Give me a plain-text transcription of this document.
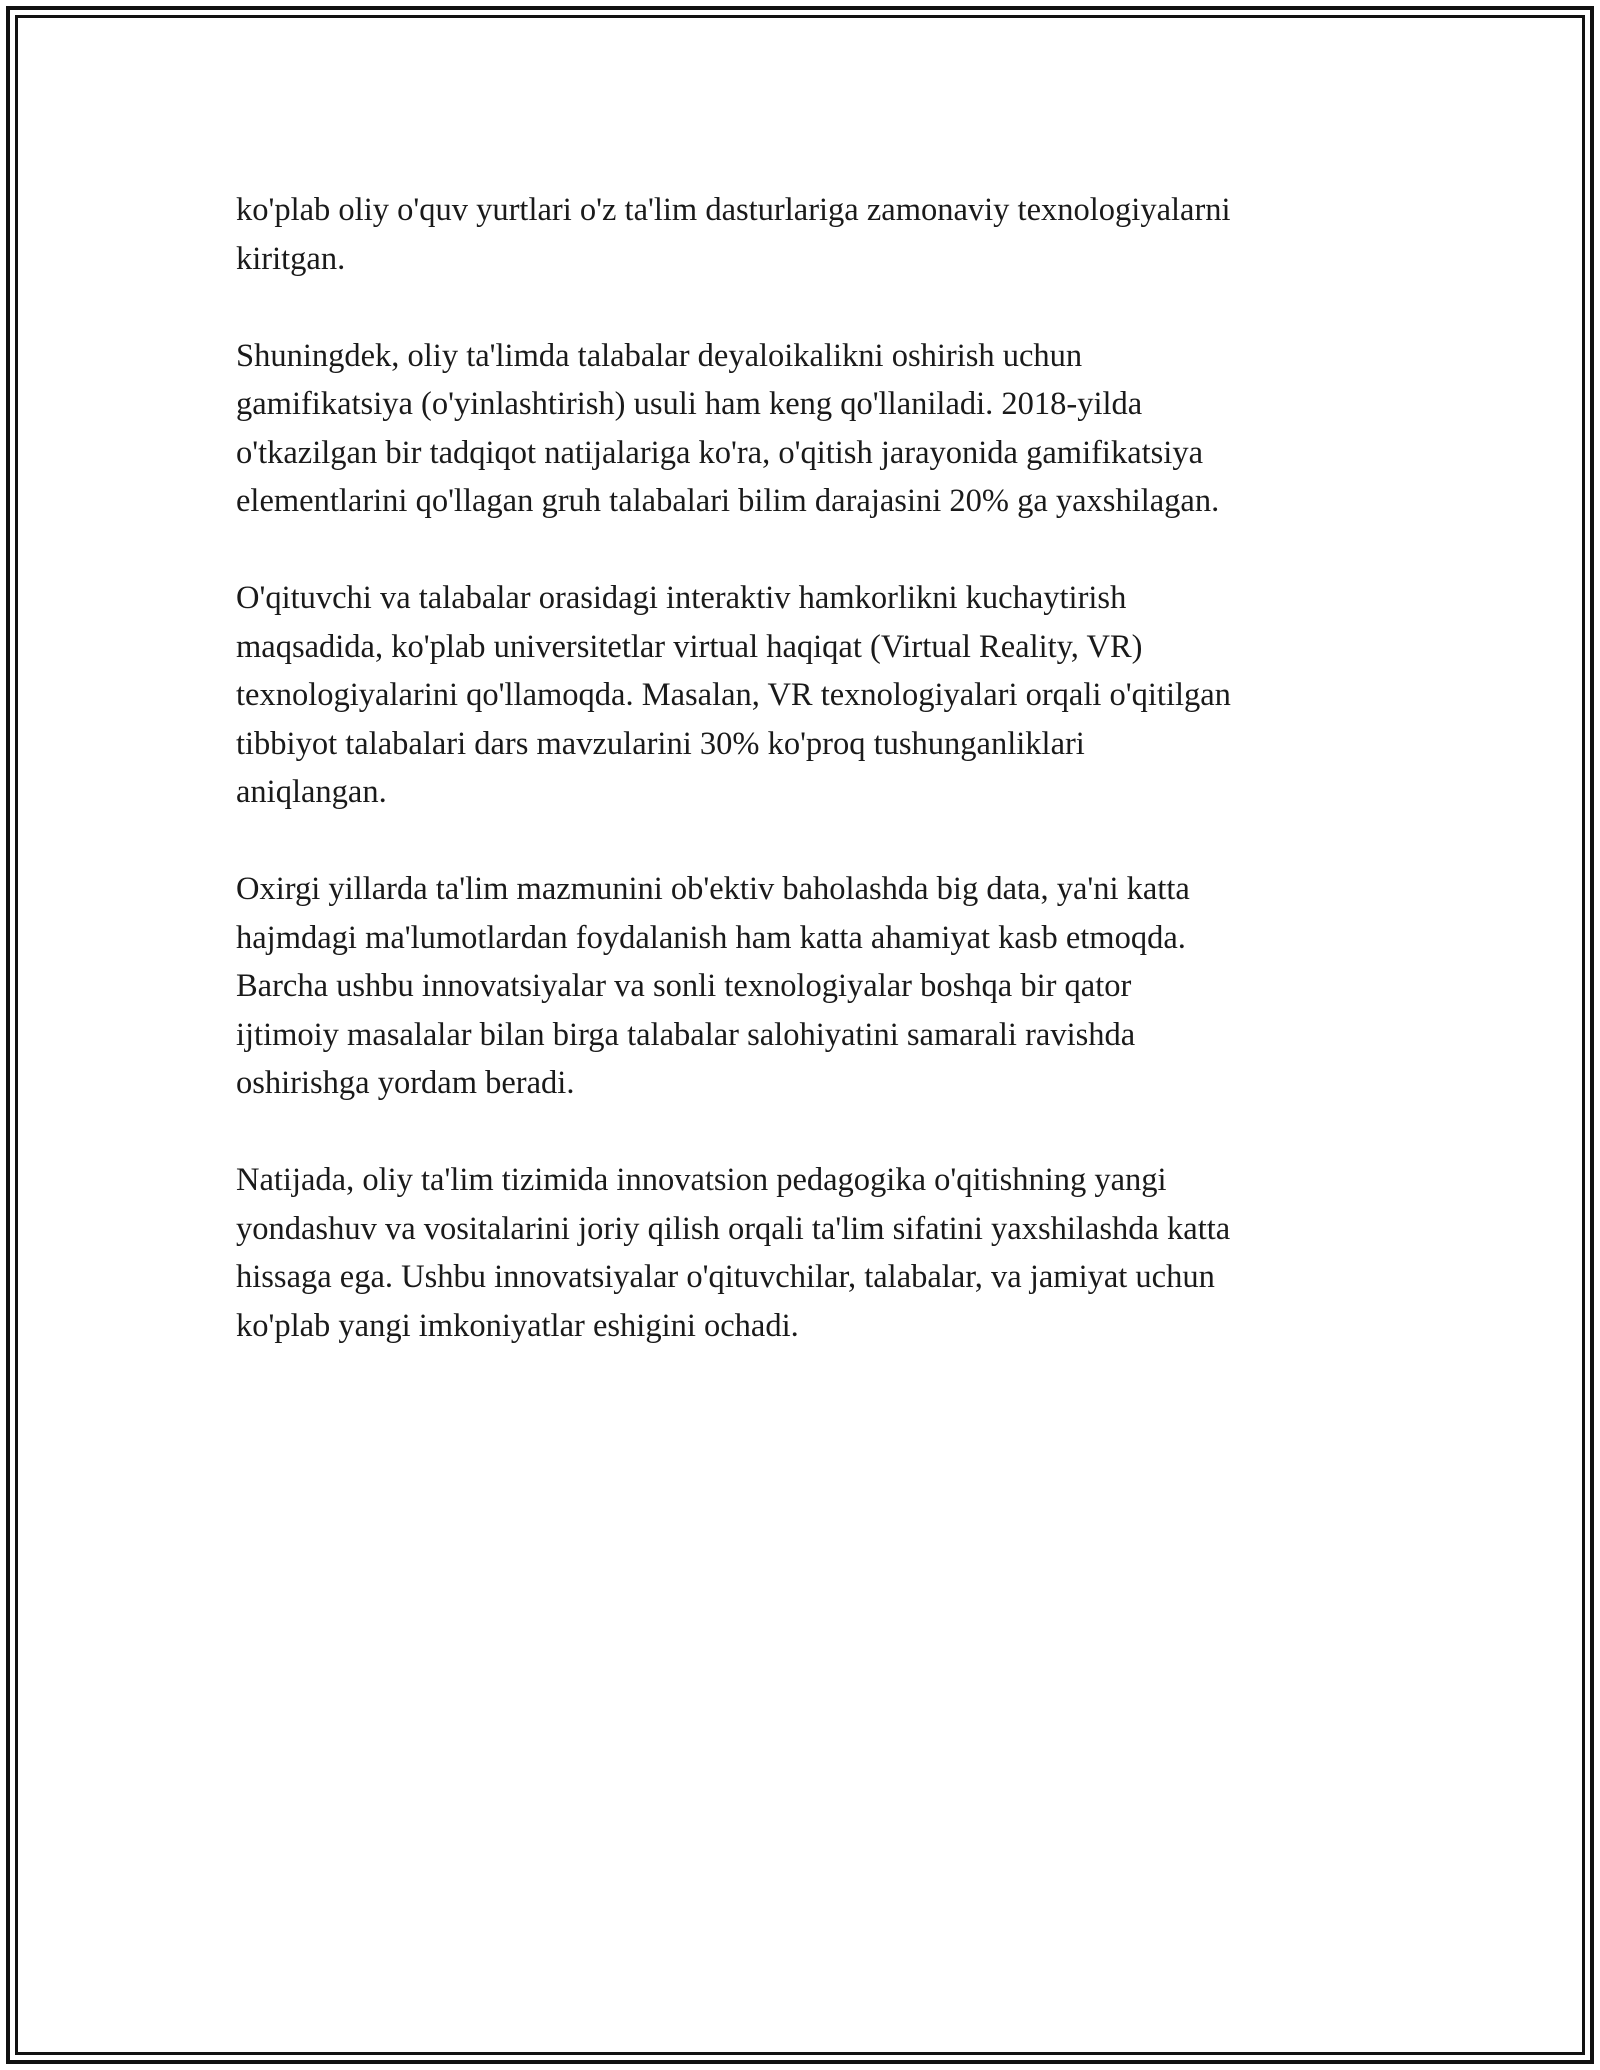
ko'plab oliy o'quv yurtlari o'z ta'lim dasturlariga zamonaviy texnologiyalarni
kiritgan.

Shuningdek, oliy ta'limda talabalar deyaloikalikni oshirish uchun
gamifikatsiya (o'yinlashtirish) usuli ham keng qo'llaniladi. 2018-yilda
o'tkazilgan bir tadqiqot natijalariga ko'ra, o'qitish jarayonida gamifikatsiya
elementlarini qo'llagan gruh talabalari bilim darajasini 20% ga yaxshilagan.

O'qituvchi va talabalar orasidagi interaktiv hamkorlikni kuchaytirish
maqsadida, ko'plab universitetlar virtual haqiqat (Virtual Reality, VR)
texnologiyalarini qo'llamoqda. Masalan, VR texnologiyalari orqali o'qitilgan
tibbiyot talabalari dars mavzularini 30% ko'proq tushunganliklari
aniqlangan.

Oxirgi yillarda ta'lim mazmunini ob'ektiv baholashda big data, ya'ni katta
hajmdagi ma'lumotlardan foydalanish ham katta ahamiyat kasb etmoqda.
Barcha ushbu innovatsiyalar va sonli texnologiyalar boshqa bir qator
ijtimoiy masalalar bilan birga talabalar salohiyatini samarali ravishda
oshirishga yordam beradi.

Natijada, oliy ta'lim tizimida innovatsion pedagogika o'qitishning yangi
yondashuv va vositalarini joriy qilish orqali ta'lim sifatini yaxshilashda katta
hissaga ega. Ushbu innovatsiyalar o'qituvchilar, talabalar, va jamiyat uchun
ko'plab yangi imkoniyatlar eshigini ochadi.
